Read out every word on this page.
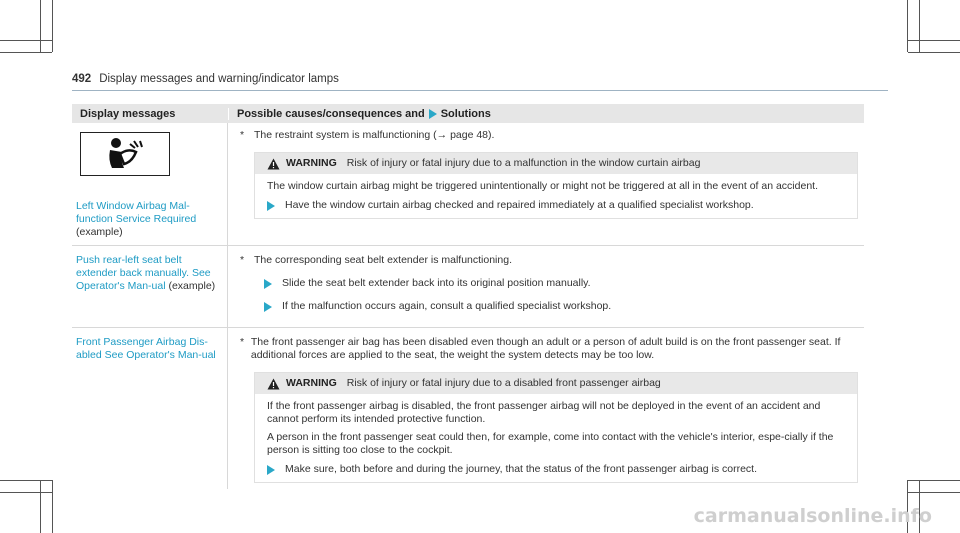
492 Display messages and warning/indicator lamps
Display messages	Possible causes/consequences and Solutions
Left Window Airbag Mal-function Service Required (example)
* The restraint system is malfunctioning (→ page 48).
WARNING Risk of injury or fatal injury due to a malfunction in the window curtain airbag

The window curtain airbag might be triggered unintentionally or might not be triggered at all in the event of an accident.

Have the window curtain airbag checked and repaired immediately at a qualified specialist workshop.
Push rear-left seat belt extender back manually. See Operator's Man-ual (example)
* The corresponding seat belt extender is malfunctioning.
Slide the seat belt extender back into its original position manually.
If the malfunction occurs again, consult a qualified specialist workshop.
Front Passenger Airbag Dis-abled See Operator's Man-ual
* The front passenger air bag has been disabled even though an adult or a person of adult build is on the front passenger seat. If additional forces are applied to the seat, the weight the system detects may be too low.
WARNING Risk of injury or fatal injury due to a disabled front passenger airbag

If the front passenger airbag is disabled, the front passenger airbag will not be deployed in the event of an accident and cannot perform its intended protective function.

A person in the front passenger seat could then, for example, come into contact with the vehicle's interior, espe-cially if the person is sitting too close to the cockpit.

Make sure, both before and during the journey, that the status of the front passenger airbag is correct.
carmanualsonline.info
